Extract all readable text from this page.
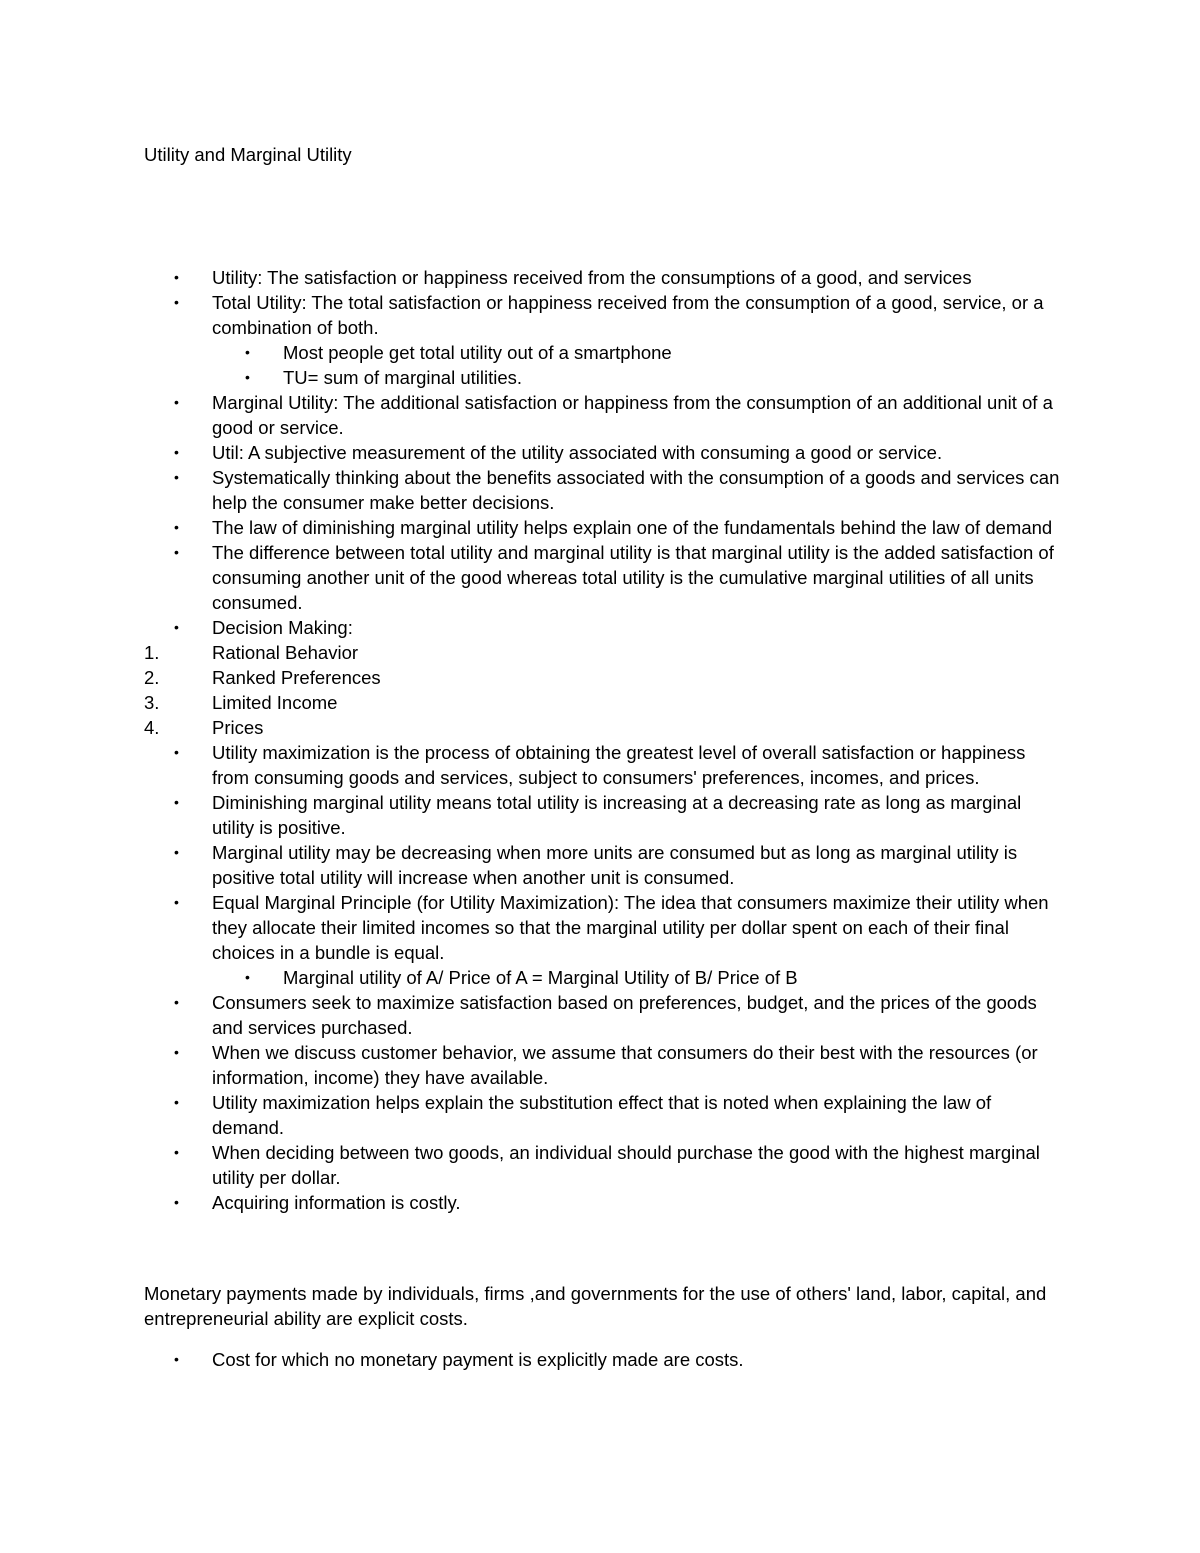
Utility and Marginal Utility
•	Utility: The satisfaction or happiness received from the consumptions of a good, and services
•	Total Utility: The total satisfaction or happiness received from the consumption of a good, service, or a combination of both.
•	Most people get total utility out of a smartphone
•	TU= sum of marginal utilities.
•	Marginal Utility: The additional satisfaction or happiness from the consumption of an additional unit of a good or service.
•	Util: A subjective measurement of the utility associated with consuming a good or service.
•	Systematically thinking about the benefits associated with the consumption of a goods and services can help the consumer make better decisions.
•	The law of diminishing marginal utility helps explain one of the fundamentals behind the law of demand
•	The difference between total utility and marginal utility is that marginal utility is the added satisfaction of consuming another unit of the good whereas total utility is the cumulative marginal utilities of all units consumed.
•	Decision Making:
1.	Rational Behavior
2.	Ranked Preferences
3.	Limited Income
4.	Prices
•	Utility maximization is the process of obtaining the greatest level of overall satisfaction or happiness from consuming goods and services, subject to consumers' preferences, incomes, and prices.
•	Diminishing marginal utility means total utility is increasing at a decreasing rate as long as marginal utility is positive.
•	Marginal utility may be decreasing when more units are consumed but as long as marginal utility is positive total utility will increase when another unit is consumed.
•	Equal Marginal Principle (for Utility Maximization): The idea that consumers maximize their utility when they allocate their limited incomes so that the marginal utility per dollar spent on each of their final choices in a bundle is equal.
•	Marginal utility of A/ Price of A = Marginal Utility of B/ Price of B
•	Consumers seek to maximize satisfaction based on preferences, budget, and the prices of the goods and services purchased.
•	When we discuss customer behavior, we assume that consumers do their best with the resources (or information, income) they have available.
•	Utility maximization helps explain the substitution effect that is noted when explaining the law of demand.
•	When deciding between two goods, an individual should purchase the good with the highest marginal utility per dollar.
•	Acquiring information is costly.

Monetary payments made by individuals, firms ,and governments for the use of others' land, labor, capital, and entrepreneurial ability are explicit costs.

•	Cost for which no monetary payment is explicitly made are costs.
